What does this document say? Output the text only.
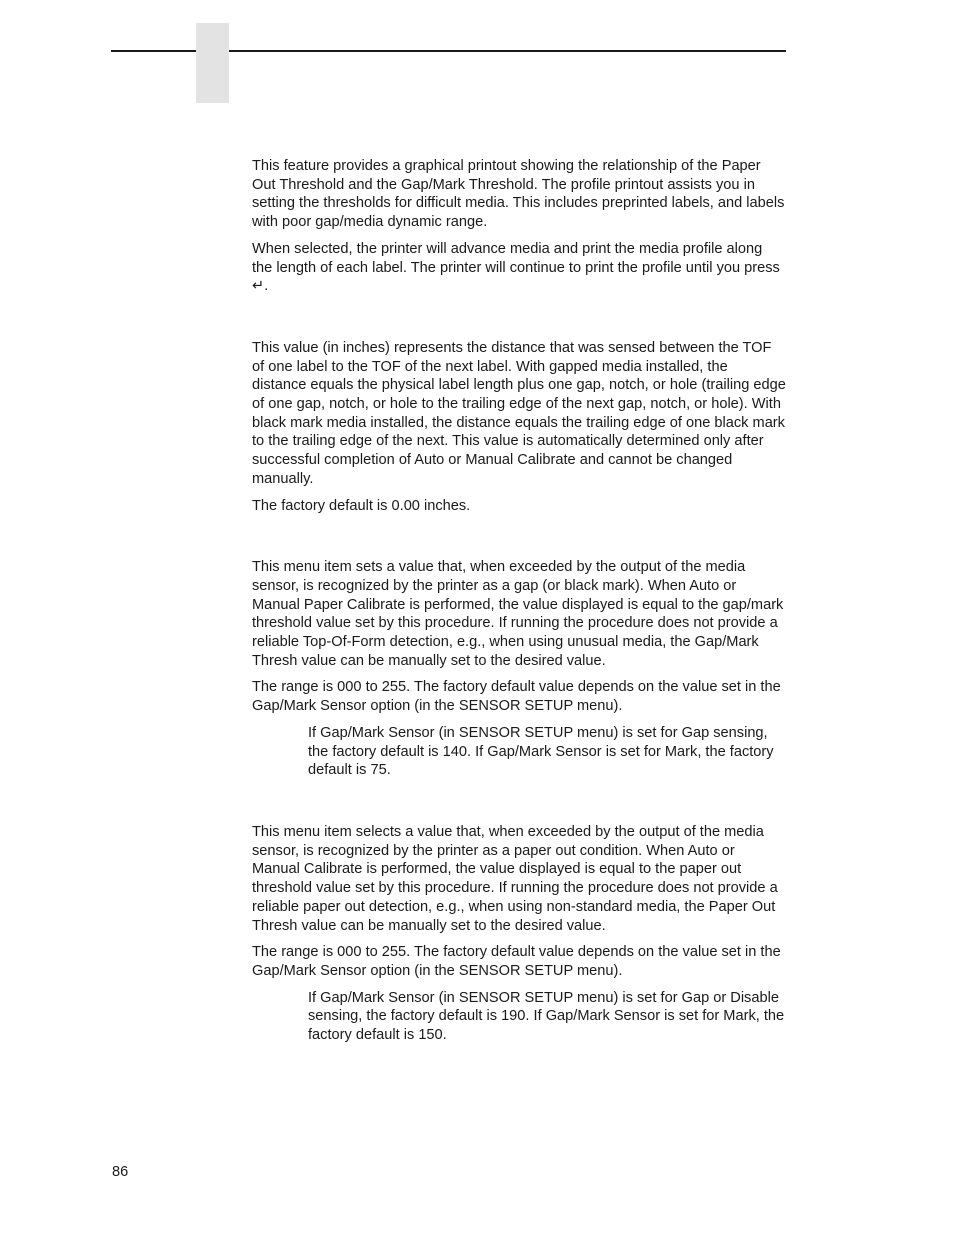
This feature provides a graphical printout showing the relationship of the Paper Out Threshold and the Gap/Mark Threshold. The profile printout assists you in setting the thresholds for difficult media. This includes preprinted labels, and labels with poor gap/media dynamic range.

When selected, the printer will advance media and print the media profile along the length of each label. The printer will continue to print the profile until you press ↵.

This value (in inches) represents the distance that was sensed between the TOF of one label to the TOF of the next label. With gapped media installed, the distance equals the physical label length plus one gap, notch, or hole (trailing edge of one gap, notch, or hole to the trailing edge of the next gap, notch, or hole). With black mark media installed, the distance equals the trailing edge of one black mark to the trailing edge of the next. This value is automatically determined only after successful completion of Auto or Manual Calibrate and cannot be changed manually.

The factory default is 0.00 inches.

This menu item sets a value that, when exceeded by the output of the media sensor, is recognized by the printer as a gap (or black mark). When Auto or Manual Paper Calibrate is performed, the value displayed is equal to the gap/mark threshold value set by this procedure. If running the procedure does not provide a reliable Top-Of-Form detection, e.g., when using unusual media, the Gap/Mark Thresh value can be manually set to the desired value.

The range is 000 to 255. The factory default value depends on the value set in the Gap/Mark Sensor option (in the SENSOR SETUP menu).

If Gap/Mark Sensor (in SENSOR SETUP menu) is set for Gap sensing, the factory default is 140. If Gap/Mark Sensor is set for Mark, the factory default is 75.

This menu item selects a value that, when exceeded by the output of the media sensor, is recognized by the printer as a paper out condition. When Auto or Manual Calibrate is performed, the value displayed is equal to the paper out threshold value set by this procedure. If running the procedure does not provide a reliable paper out detection, e.g., when using non-standard media, the Paper Out Thresh value can be manually set to the desired value.

The range is 000 to 255. The factory default value depends on the value set in the Gap/Mark Sensor option (in the SENSOR SETUP menu).

If Gap/Mark Sensor (in SENSOR SETUP menu) is set for Gap or Disable sensing, the factory default is 190. If Gap/Mark Sensor is set for Mark, the factory default is 150.

86
